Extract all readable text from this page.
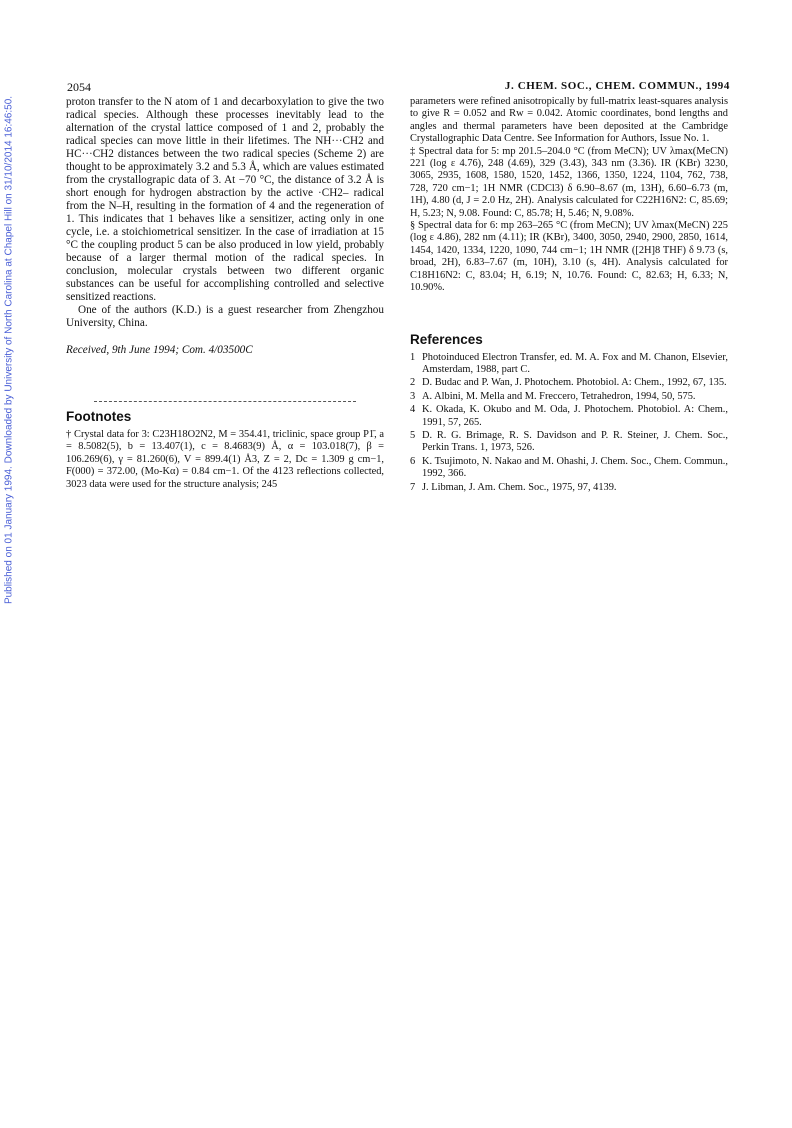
Published on 01 January 1994. Downloaded by University of North Carolina at Chapel Hill on 31/10/2014 16:46:50.
2054	J. CHEM. SOC., CHEM. COMMUN., 1994

proton transfer to the N atom of 1 and decarboxylation to give the two radical species. Although these processes inevitably lead to the alternation of the crystal lattice composed of 1 and 2, probably the radical species can move little in their lifetimes. The NH···CH2 and HC···CH2 distances between the two radical species (Scheme 2) are thought to be approximately 3.2 and 5.3 Å, which are values estimated from the crystallograpic data of 3. At −70 °C, the distance of 3.2 Å is short enough for hydrogen abstraction by the active ·CH2– radical from the N–H, resulting in the formation of 4 and the regeneration of 1. This indicates that 1 behaves like a sensitizer, acting only in one cycle, i.e. a stoichiometrical sensitizer. In the case of irradiation at 15 °C the coupling product 5 can be also produced in low yield, probably because of a larger thermal motion of the radical species. In conclusion, molecular crystals between two different organic substances can be useful for accomplishing controlled and selective sensitized reactions.

One of the authors (K.D.) is a guest researcher from Zhengzhou University, China.

Received, 9th June 1994; Com. 4/03500C

Footnotes

† Crystal data for 3: C23H18O2N2, M = 354.41, triclinic, space group P1̄, a = 8.5082(5), b = 13.407(1), c = 8.4683(9) Å, α = 103.018(7), β = 106.269(6), γ = 81.260(6), V = 899.4(1) Å3, Z = 2, Dc = 1.309 g cm−1, F(000) = 372.00, (Mo-Kα) = 0.84 cm−1. Of the 4123 reflections collected, 3023 data were used for the structure analysis; 245

parameters were refined anisotropically by full-matrix least-squares analysis to give R = 0.052 and Rw = 0.042. Atomic coordinates, bond lengths and angles and thermal parameters have been deposited at the Cambridge Crystallographic Data Centre. See Information for Authors, Issue No. 1.

‡ Spectral data for 5: mp 201.5–204.0 °C (from MeCN); UV λmax(MeCN) 221 (log ε 4.76), 248 (4.69), 329 (3.43), 343 nm (3.36). IR (KBr) 3230, 3065, 2935, 1608, 1580, 1520, 1452, 1366, 1350, 1224, 1104, 762, 738, 728, 720 cm−1; 1H NMR (CDCl3) δ 6.90–8.67 (m, 13H), 6.60–6.73 (m, 1H), 4.80 (d, J = 2.0 Hz, 2H). Analysis calculated for C22H16N2: C, 85.69; H, 5.23; N, 9.08. Found: C, 85.78; H, 5.46; N, 9.08%.

§ Spectral data for 6: mp 263–265 °C (from MeCN); UV λmax(MeCN) 225 (log ε 4.86), 282 nm (4.11); IR (KBr), 3400, 3050, 2940, 2900, 2850, 1614, 1454, 1420, 1334, 1220, 1090, 744 cm−1; 1H NMR ([2H]8 THF) δ 9.73 (s, broad, 2H), 6.83–7.67 (m, 10H), 3.10 (s, 4H). Analysis calculated for C18H16N2: C, 83.04; H, 6.19; N, 10.76. Found: C, 82.63; H, 6.33; N, 10.90%.

References
1 Photoinduced Electron Transfer, ed. M. A. Fox and M. Chanon, Elsevier, Amsterdam, 1988, part C.
2 D. Budac and P. Wan, J. Photochem. Photobiol. A: Chem., 1992, 67, 135.
3 A. Albini, M. Mella and M. Freccero, Tetrahedron, 1994, 50, 575.
4 K. Okada, K. Okubo and M. Oda, J. Photochem. Photobiol. A: Chem., 1991, 57, 265.
5 D. R. G. Brimage, R. S. Davidson and P. R. Steiner, J. Chem. Soc., Perkin Trans. 1, 1973, 526.
6 K. Tsujimoto, N. Nakao and M. Ohashi, J. Chem. Soc., Chem. Commun., 1992, 366.
7 J. Libman, J. Am. Chem. Soc., 1975, 97, 4139.
